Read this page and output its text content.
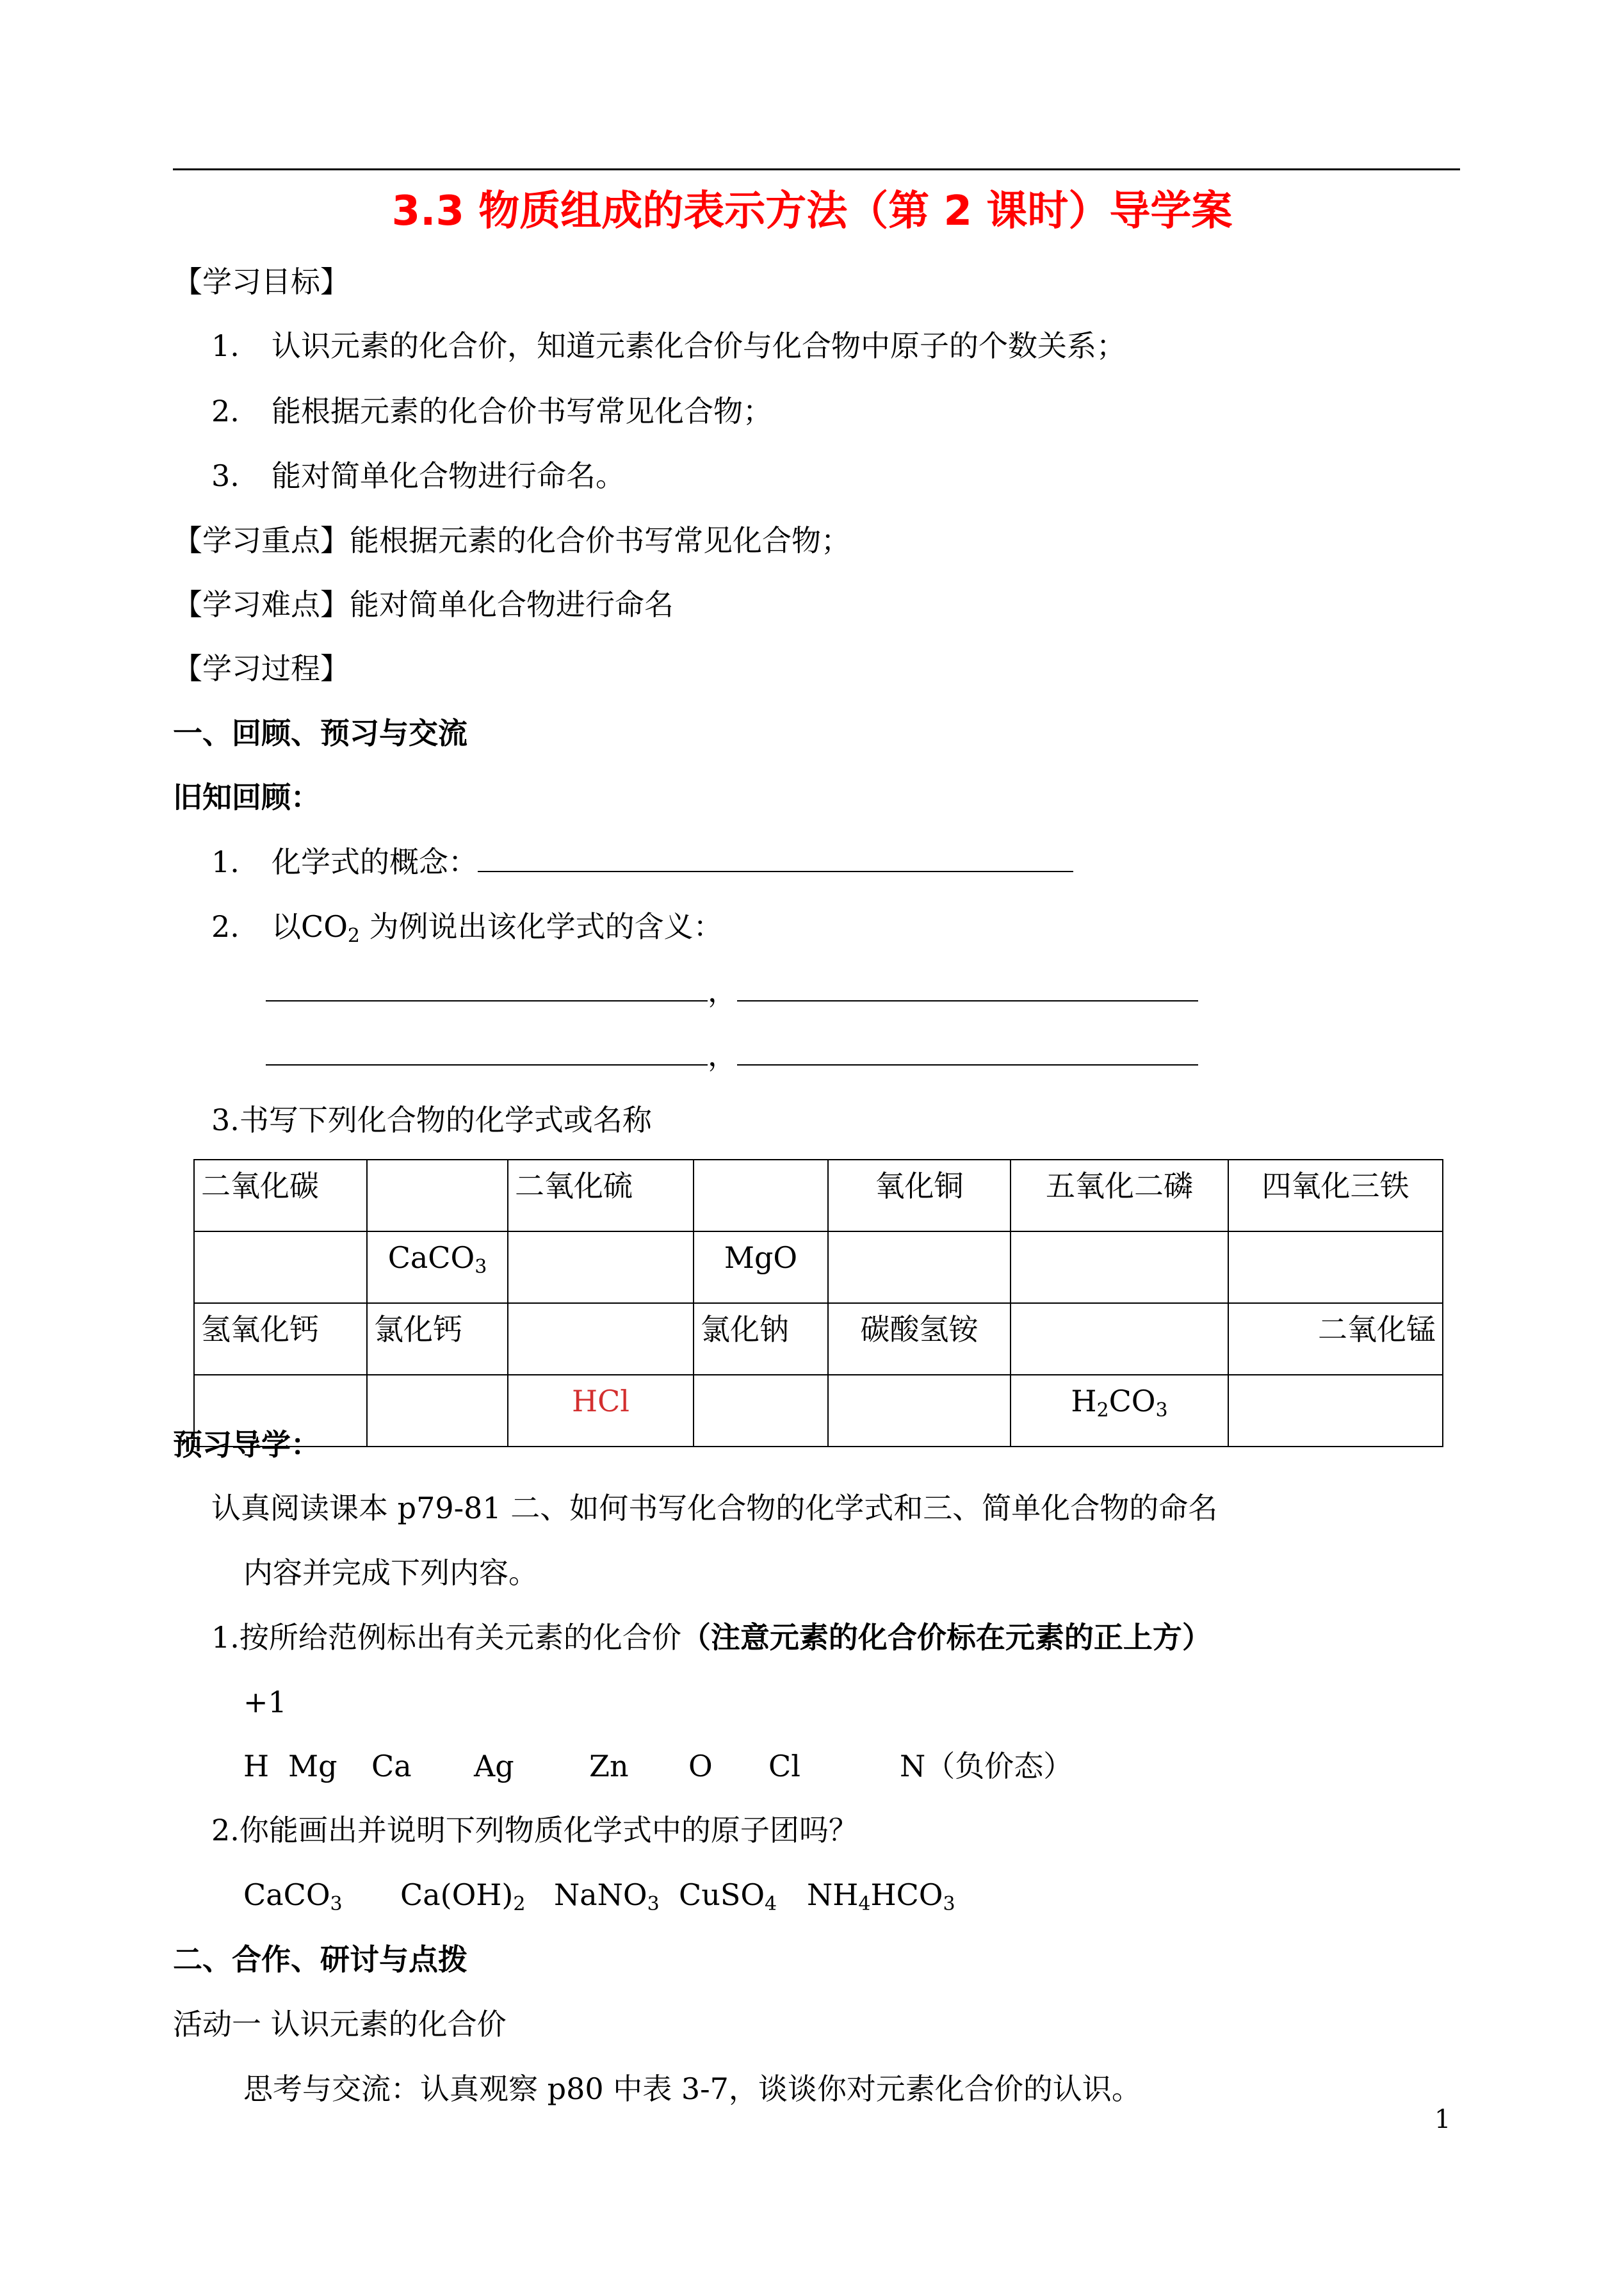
3.3 物质组成的表示方法（第 2 课时）导学案
【学习目标】
1. 认识元素的化合价，知道元素化合价与化合物中原子的个数关系；
2. 能根据元素的化合价书写常见化合物；
3. 能对简单化合物进行命名。
【学习重点】能根据元素的化合价书写常见化合物；
【学习难点】能对简单化合物进行命名
【学习过程】
一、回顾、预习与交流
旧知回顾：
1. 化学式的概念：
2. 以$CO_2$ 为例说出该化学式的含义：
，
，
3.书写下列化合物的化学式或名称
二氧化碳		二氧化硫		氧化铜	五氧化二磷	四氧化三铁
	CaCO$_3$		MgO			
氢氧化钙	氯化钙		氯化钠	碳酸氢铵		二氧化锰
		HCl			$H_2CO_3$	
预习导学：
认真阅读课本 p79-81 二、如何书写化合物的化学式和三、简单化合物的命名
内容并完成下列内容。
1.按所给范例标出有关元素的化合价（注意元素的化合价标在元素的正上方）
+1
H Mg Ca Ag	Zn O Cl	N（负价态）
2.你能画出并说明下列物质化学式中的原子团吗？
CaCO$_3$ $Ca(OH)_2$ NaNO$_3$ CuSO$_4$ $NH_4HCO_3$
二、合作、研讨与点拨
活动一 认识元素的化合价
思考与交流：认真观察 p80 中表 3-7，谈谈你对元素化合价的认识。
1
